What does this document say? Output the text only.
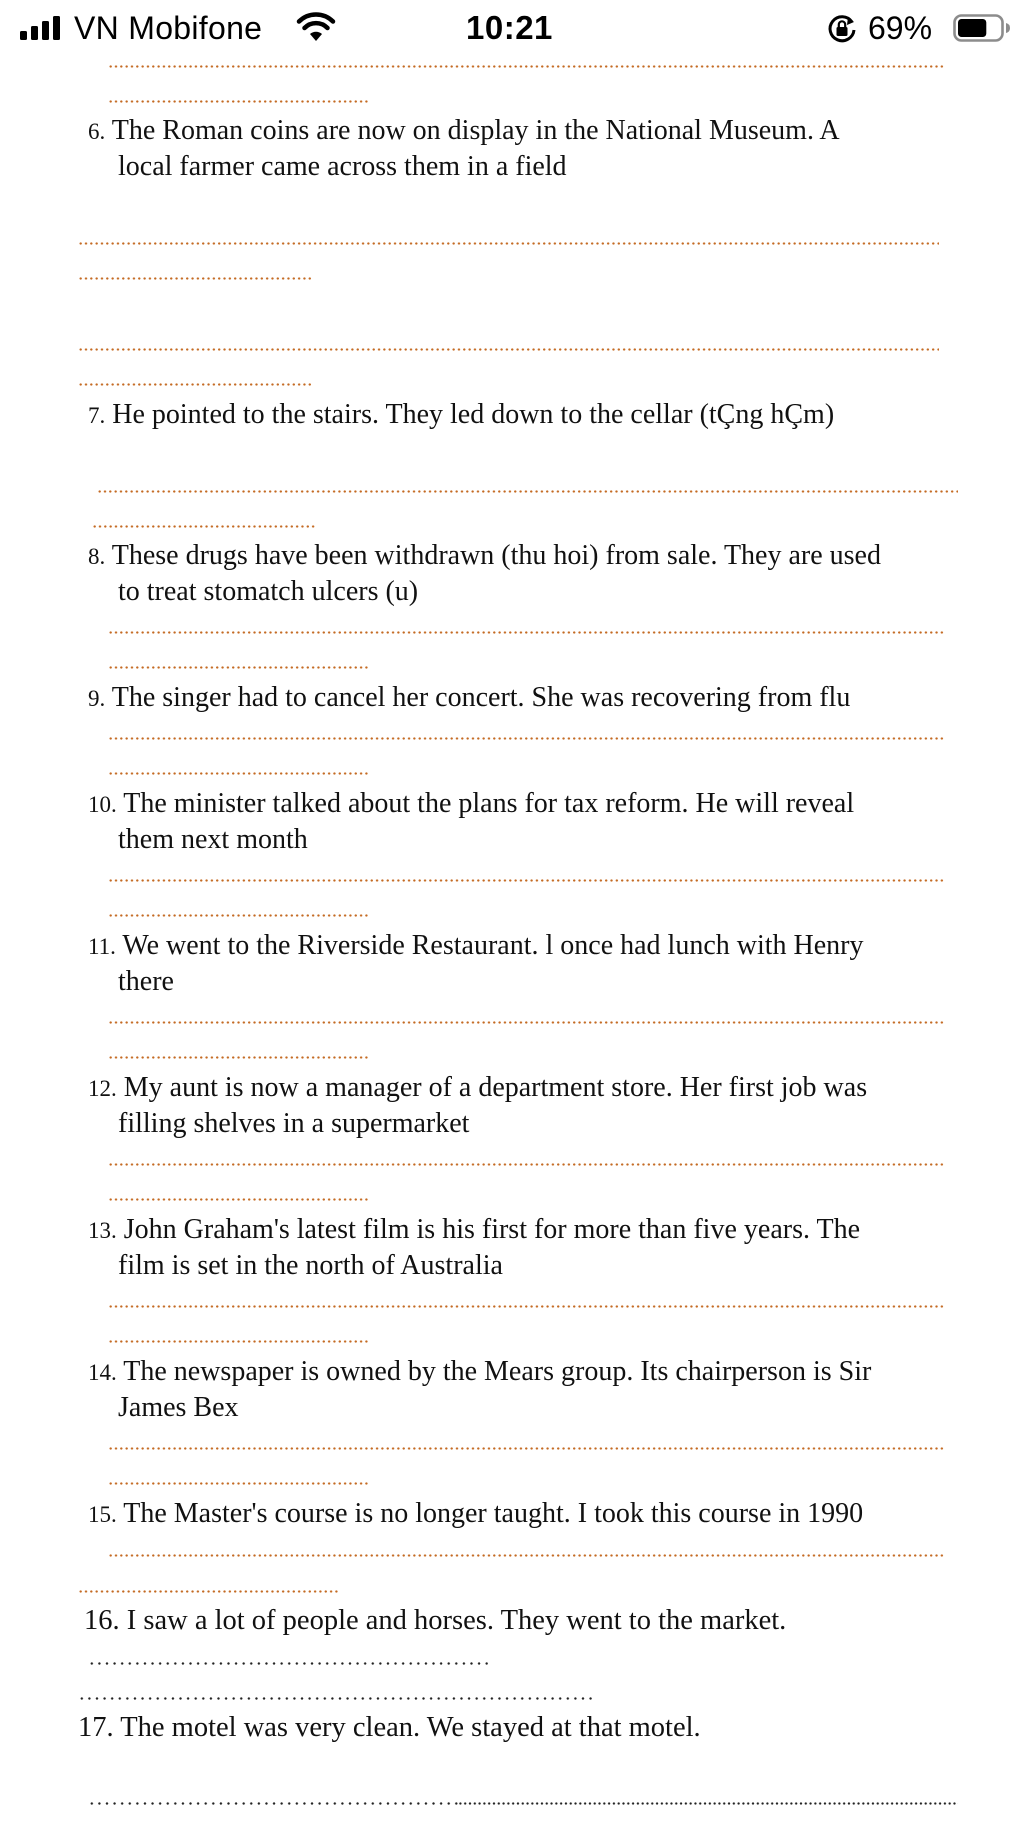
VN Mobifone	10:21	69%
6. The Roman coins are now on display in the National Museum. A
local farmer came across them in a field
7. He pointed to the stairs. They led down to the cellar (tÇng hÇm)
8. These drugs have been withdrawn (thu hoi) from sale. They are used
to treat stomatch ulcers (u)
9. The singer had to cancel her concert. She was recovering from flu
10. The minister talked about the plans for tax reform. He will reveal
them next month
11. We went to the Riverside Restaurant. l once had lunch with Henry
there
12. My aunt is now a manager of a department store. Her first job was
filling shelves in a supermarket
13. John Graham's latest film is his first for more than five years. The
film is set in the north of Australia
14. The newspaper is owned by the Mears group. Its chairperson is Sir
James Bex
15. The Master's course is no longer taught. I took this course in 1990
16. I saw a lot of people and horses. They went to the market.
17. The motel was very clean. We stayed at that motel.
